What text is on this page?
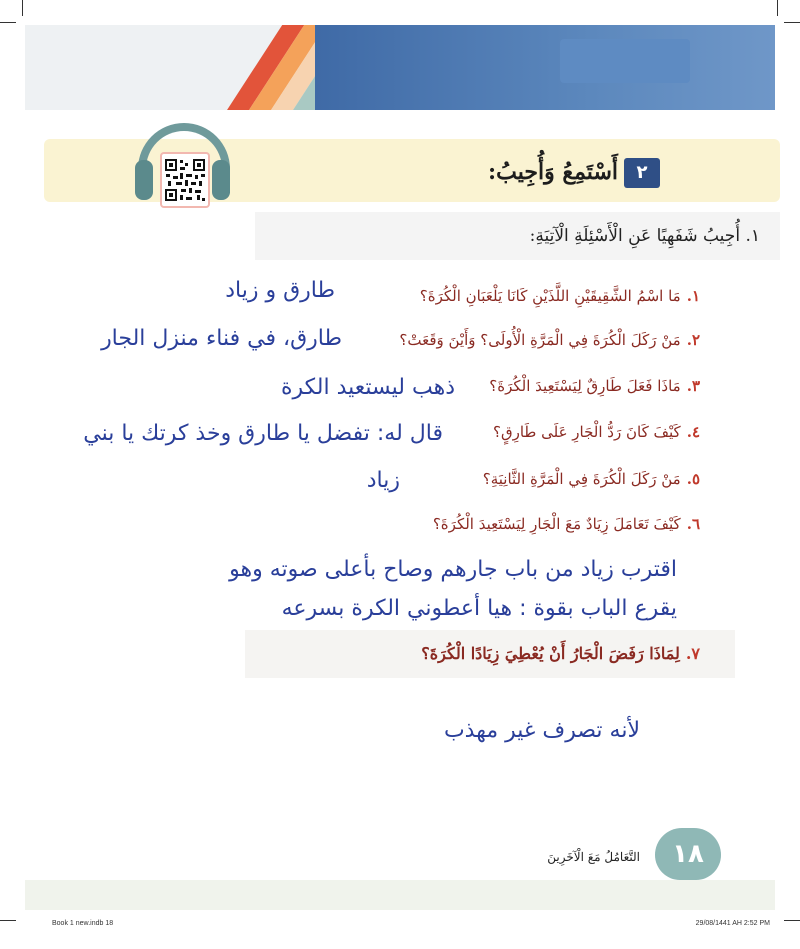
٢
أَسْتَمِعُ وَأُجِيبُ:
١. أُجِيبُ شَفَهِيًا عَنِ الْأَسْئِلَةِ الْآتِيَةِ:
١.مَا اسْمُ الشَّقِيقَيْنِ اللَّذَيْنِ كَانَا يَلْعَبَانِ الْكُرَةَ؟
طارق و زياد
٢.مَنْ رَكَلَ الْكُرَةَ فِي الْمَرَّةِ الْأُولَى؟ وَأَيْنَ وَقَعَتْ؟
طارق، في فناء منزل الجار
٣.مَاذَا فَعَلَ طَارِقٌ لِيَسْتَعِيدَ الْكُرَةَ؟
ذهب ليستعيد الكرة
٤.كَيْفَ كَانَ رَدُّ الْجَارِ عَلَى طَارِقٍ؟
قال له: تفضل يا طارق وخذ كرتك يا بني
٥.مَنْ رَكَلَ الْكُرَةَ فِي الْمَرَّةِ الثَّانِيَةِ؟
زياد
٦.كَيْفَ تَعَامَلَ زِيَادٌ مَعَ الْجَارِ لِيَسْتَعِيدَ الْكُرَةَ؟
اقترب زياد من باب جارهم وصاح بأعلى صوته وهو
يقرع الباب بقوة : هيا أعطوني الكرة بسرعه
٧.لِمَاذَا رَفَضَ الْجَارُ أَنْ يُعْطِيَ زِيَادًا الْكُرَةَ؟
لأنه تصرف غير مهذب
١٨
التَّعَامُلُ مَعَ الْآخَرِينَ
Book 1 new.indb 18	29/08/1441 AH 2:52 PM
